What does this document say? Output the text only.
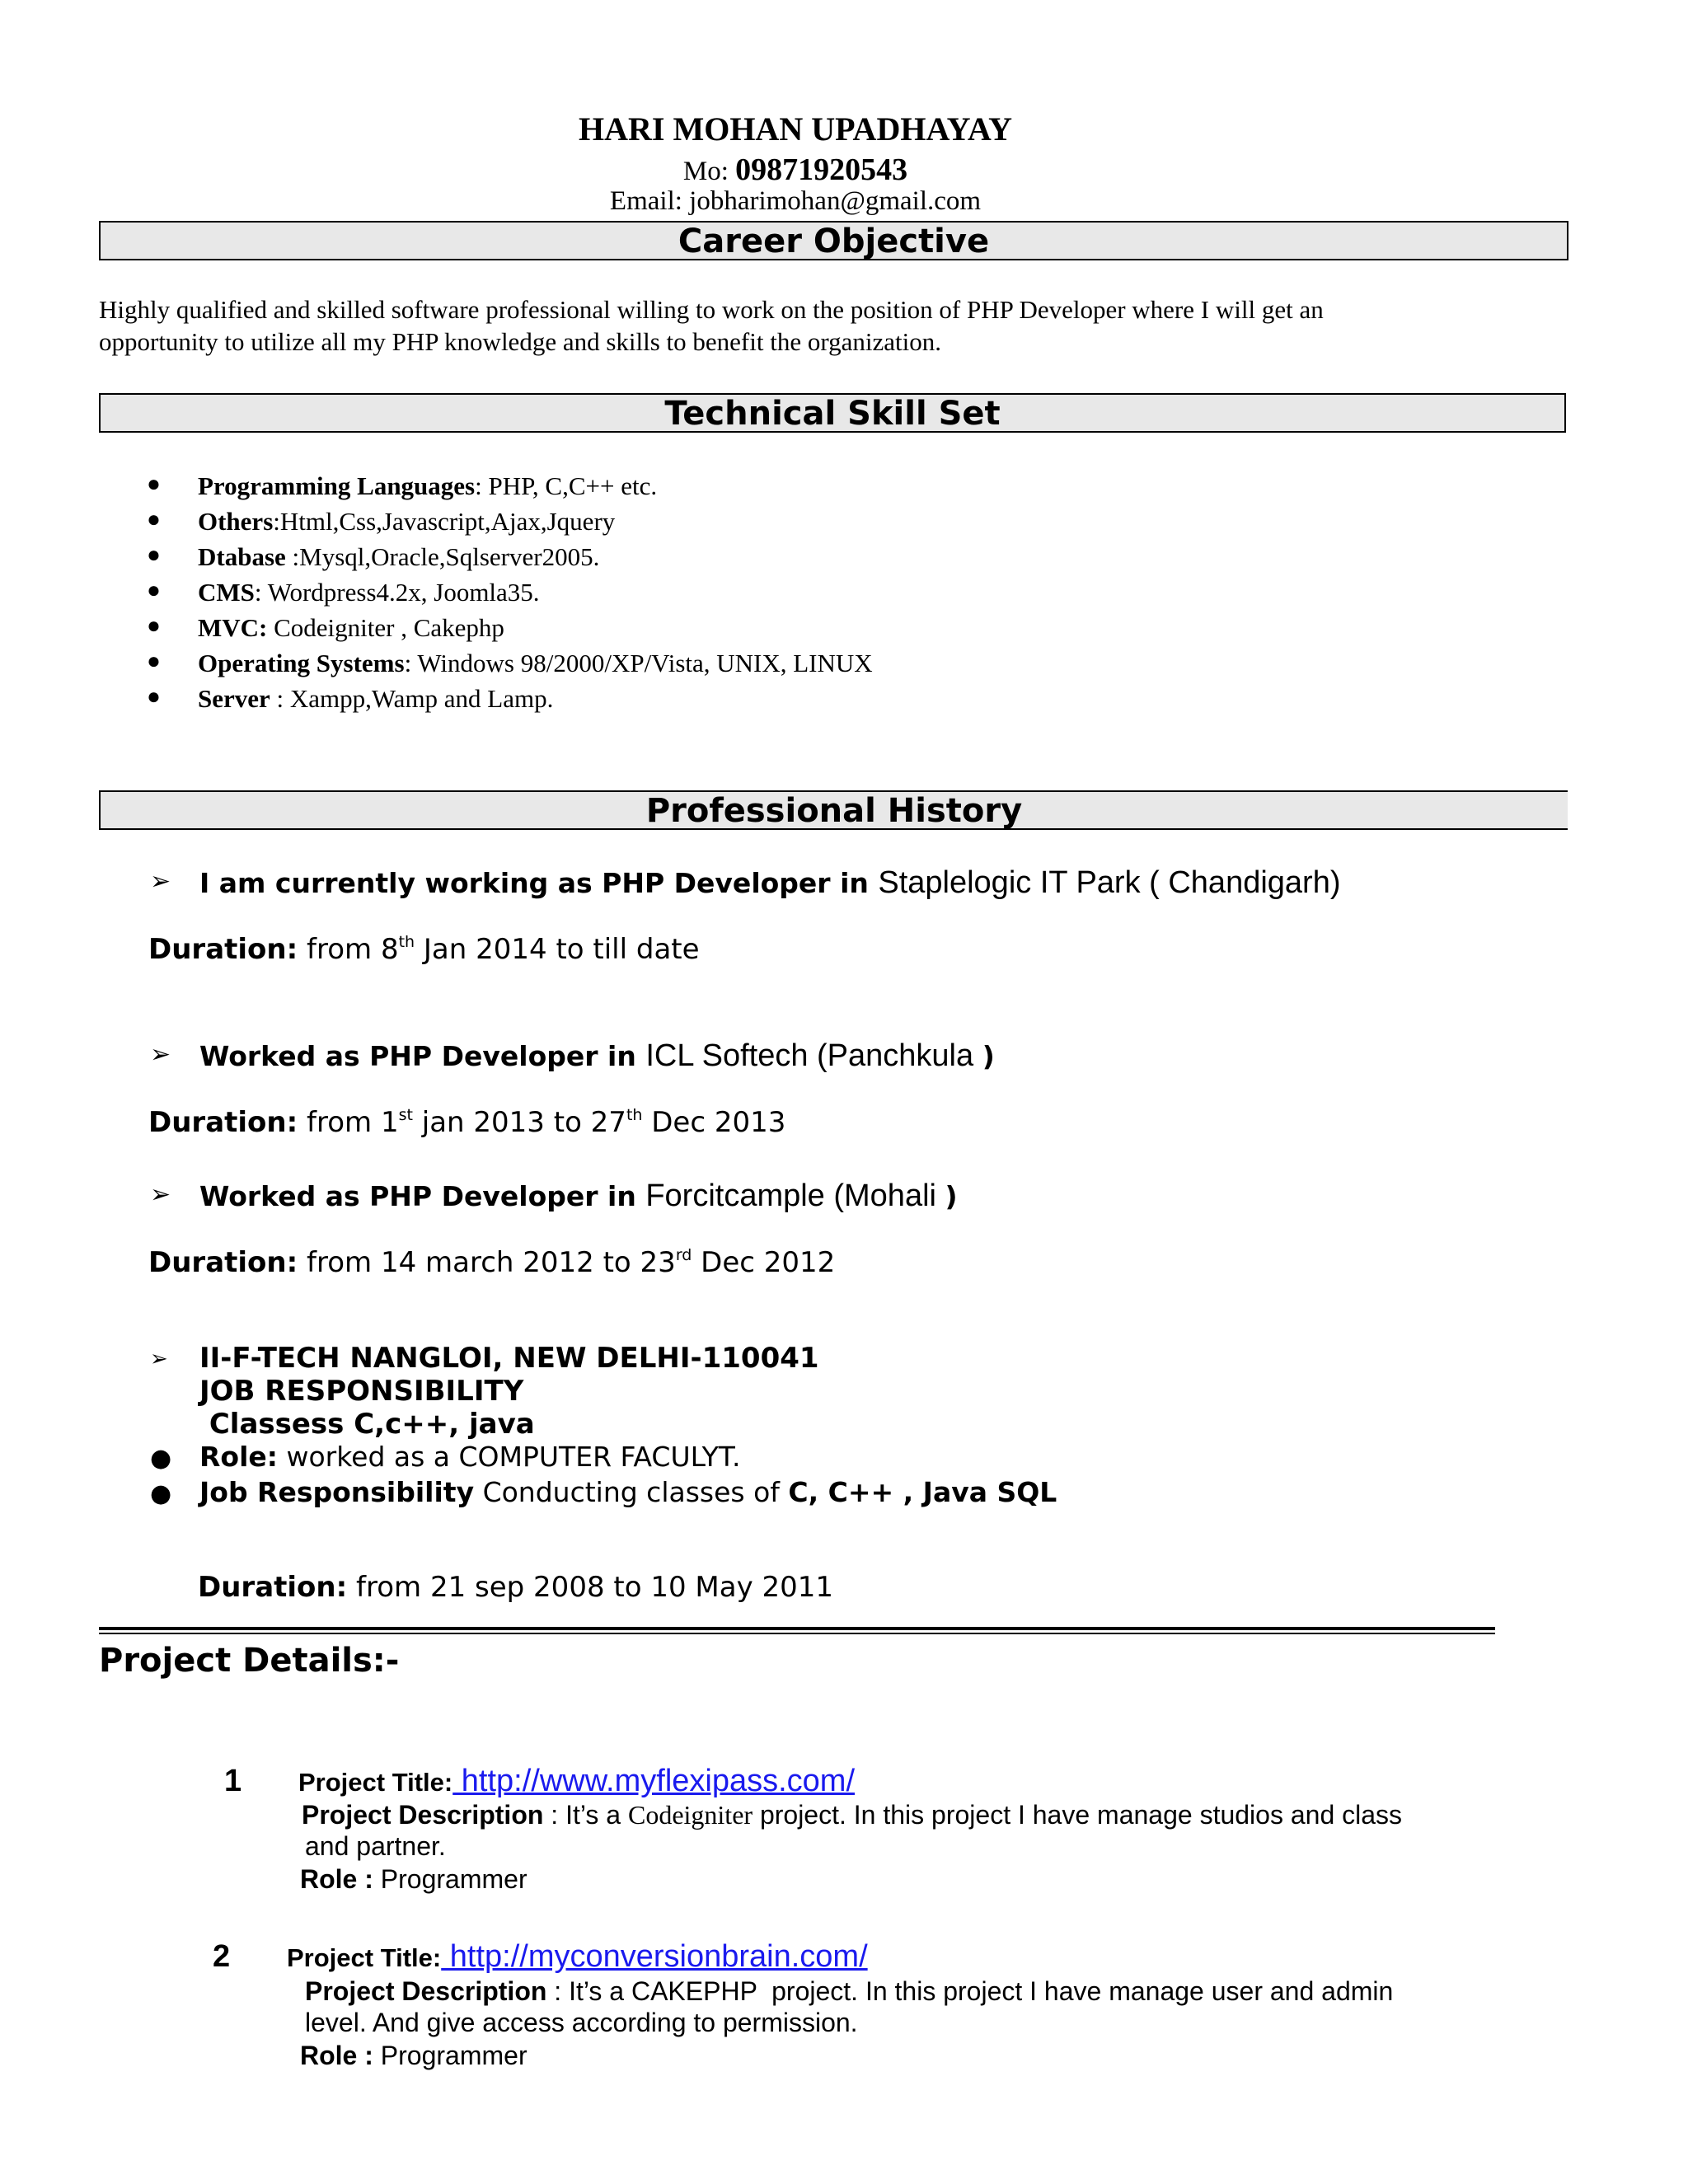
HARI MOHAN UPADHAYAY
Mo: 09871920543
Email: jobharimohan@gmail.com
Career Objective
Highly qualified and skilled software professional willing to work on the position of PHP Developer where I will get an
opportunity to utilize all my PHP knowledge and skills to benefit the organization.
Technical Skill Set
● Programming Languages: PHP, C,C++ etc.
● Others:Html,Css,Javascript,Ajax,Jquery
● Dtabase :Mysql,Oracle,Sqlserver2005.
● CMS: Wordpress4.2x, Joomla35.
● MVC: Codeigniter , Cakephp
● Operating Systems: Windows 98/2000/XP/Vista, UNIX, LINUX
● Server : Xampp,Wamp and Lamp.
Professional History
➢ I am currently working as PHP Developer in Staplelogic IT Park ( Chandigarh)
Duration: from 8th Jan 2014 to till date
➢ Worked as PHP Developer in ICL Softech (Panchkula )
Duration: from 1st jan 2013 to 27th Dec 2013
➢ Worked as PHP Developer in Forcitcample (Mohali )
Duration: from 14 march 2012 to 23rd Dec 2012
➢ II-F-TECH NANGLOI, NEW DELHI-110041
JOB RESPONSIBILITY
Classess C,c++, java
● Role: worked as a COMPUTER FACULYT.
● Job Responsibility Conducting classes of C, C++ , Java SQL
Duration: from 21 sep 2008 to 10 May 2011
Project Details:-
1 Project Title: http://www.myflexipass.com/
Project Description : It’s a Codeigniter project. In this project I have manage studios and class
and partner.
Role : Programmer
2 Project Title: http://myconversionbrain.com/
Project Description : It’s a CAKEPHP  project. In this project I have manage user and admin
level. And give access according to permission.
Role : Programmer
